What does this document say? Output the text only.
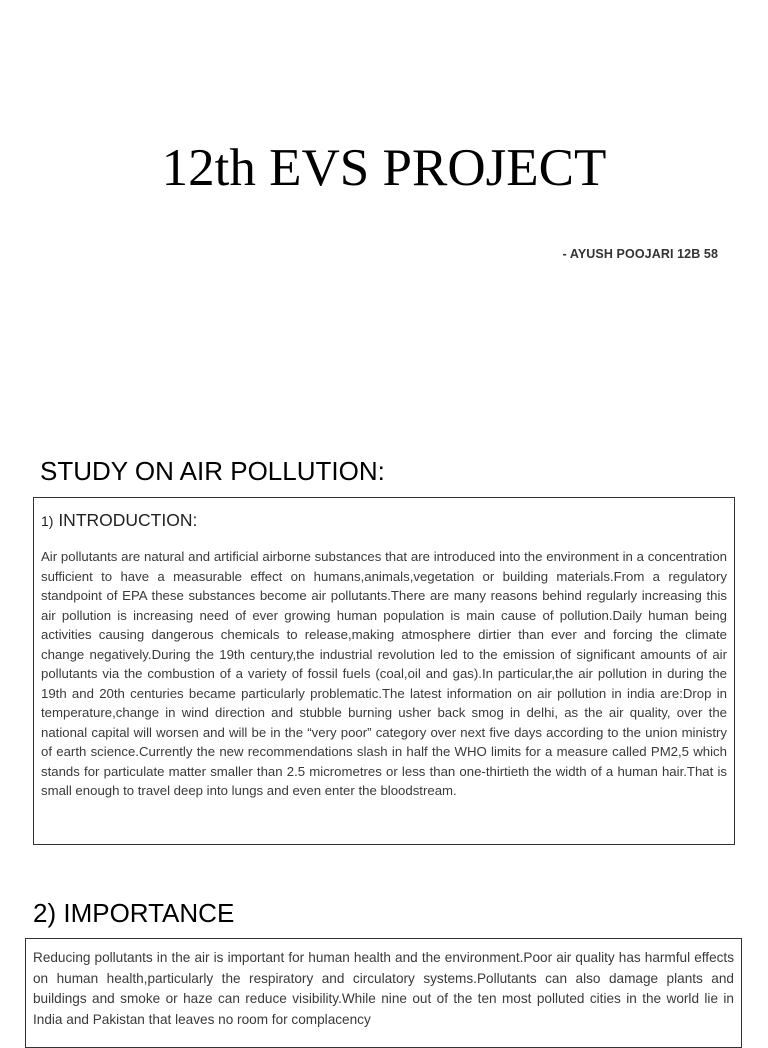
12th EVS PROJECT
- AYUSH POOJARI 12B 58
STUDY ON AIR POLLUTION:
1) INTRODUCTION:

Air pollutants are natural and artificial airborne substances that are introduced into the environment in a concentration sufficient to have a measurable effect on humans,animals,vegetation or building materials.From a regulatory standpoint of EPA these substances become air pollutants.There are many reasons behind regularly increasing this air pollution is increasing need of ever growing human population is main cause of pollution.Daily human being activities causing dangerous chemicals to release,making atmosphere dirtier than ever and forcing the climate change negatively.During the 19th century,the industrial revolution led to the emission of significant amounts of air pollutants via the combustion of a variety of fossil fuels (coal,oil and gas).In particular,the air pollution in during the 19th and 20th centuries became particularly problematic.The latest information on air pollution in india are:Drop in temperature,change in wind direction and stubble burning usher back smog in delhi, as the air quality, over the national capital will worsen and will be in the “very poor” category over next five days according to the union ministry of earth science.Currently the new recommendations slash in half the WHO limits for a measure called PM2,5 which stands for particulate matter smaller than 2.5 micrometres or less than one-thirtieth the width of a human hair.That is small enough to travel deep into lungs and even enter the bloodstream.

2) IMPORTANCE

Reducing pollutants in the air is important for human health and the environment.Poor air quality has harmful effects on human health,particularly the respiratory and circulatory systems.Pollutants can also damage plants and buildings and smoke or haze can reduce visibility.While nine out of the ten most polluted cities in the world lie in India and Pakistan that leaves no room for complacency
